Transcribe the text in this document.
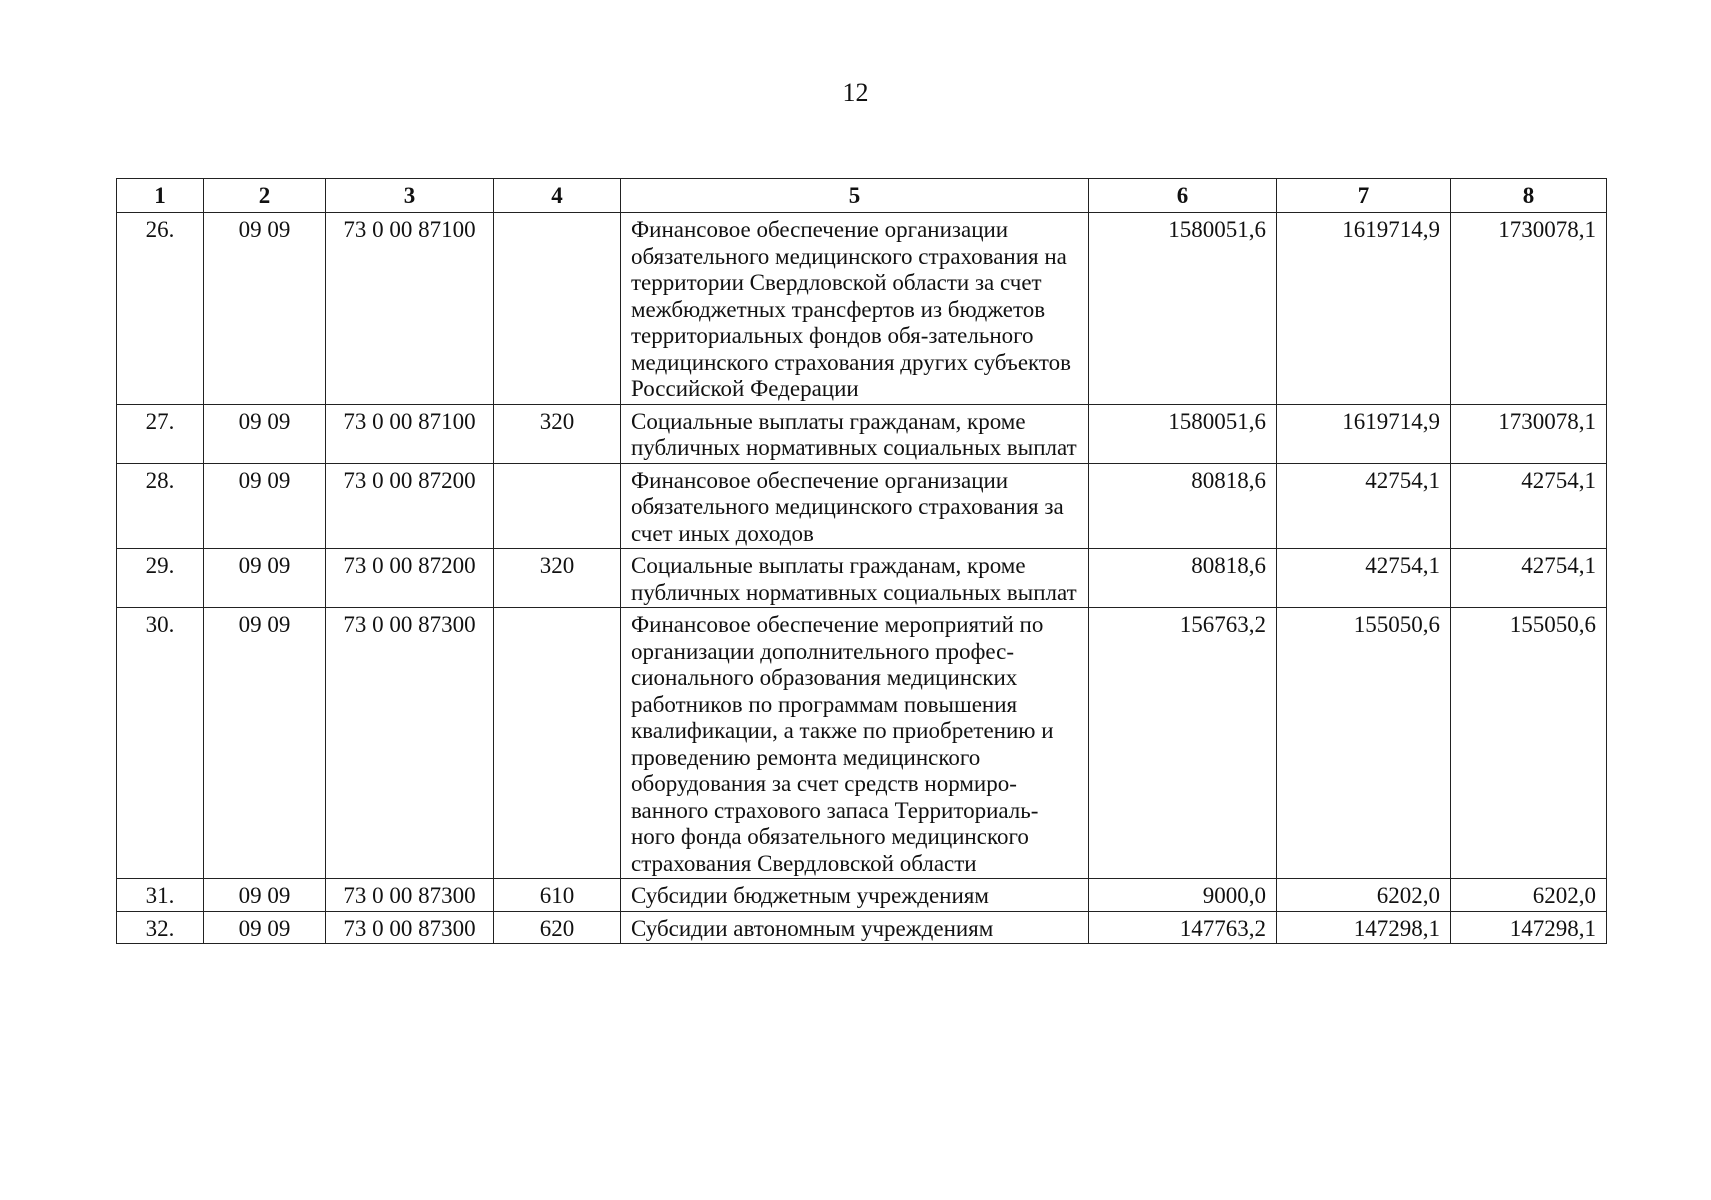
12
1	2	3	4	5	6	7	8
26.	09 09	73 0 00 87100		Финансовое обеспечение организации обязательного медицинского страхования на территории Свердловской области за счет межбюджетных трансфертов из бюджетов территориальных фондов обя-зательного медицинского страхования других субъектов Российской Федерации	1580051,6	1619714,9	1730078,1
27.	09 09	73 0 00 87100	320	Социальные выплаты гражданам, кроме публичных нормативных социальных выплат	1580051,6	1619714,9	1730078,1
28.	09 09	73 0 00 87200		Финансовое обеспечение организации обязательного медицинского страхования за счет иных доходов	80818,6	42754,1	42754,1
29.	09 09	73 0 00 87200	320	Социальные выплаты гражданам, кроме публичных нормативных социальных выплат	80818,6	42754,1	42754,1
30.	09 09	73 0 00 87300		Финансовое обеспечение мероприятий по организации дополнительного профес-сионального образования медицинских работников по программам повышения квалификации, а также по приобретению и проведению ремонта медицинского оборудования за счет средств нормиро-ванного страхового запаса Территориаль-ного фонда обязательного медицинского страхования Свердловской области	156763,2	155050,6	155050,6
31.	09 09	73 0 00 87300	610	Субсидии бюджетным учреждениям	9000,0	6202,0	6202,0
32.	09 09	73 0 00 87300	620	Субсидии автономным учреждениям	147763,2	147298,1	147298,1
